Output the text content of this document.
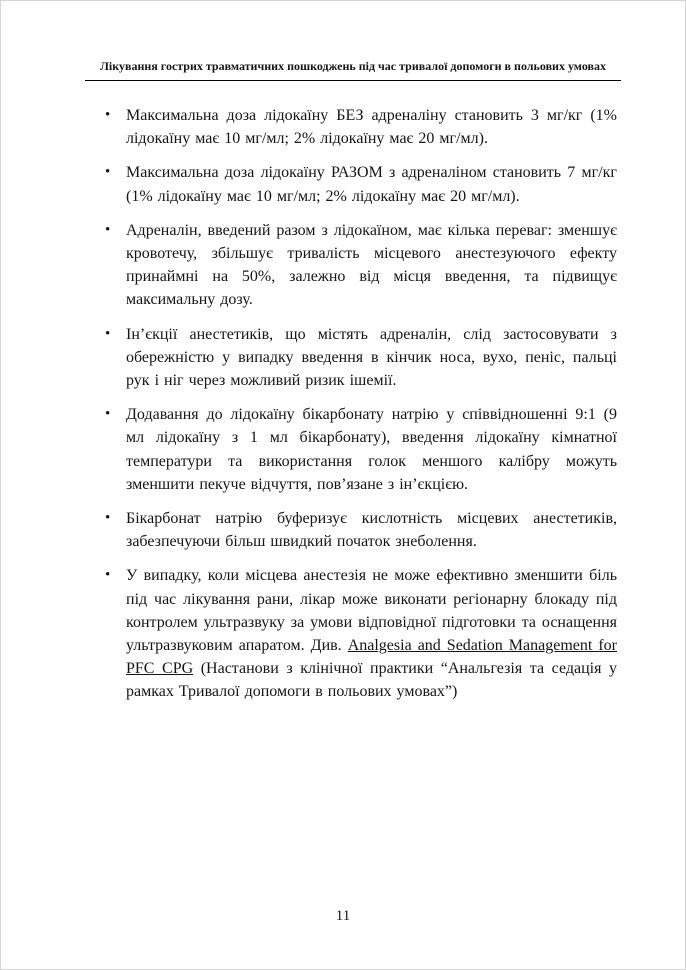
Лікування гострих травматичних пошкоджень під час тривалої допомоги в польових умовах
• Максимальна доза лідокаїну БЕЗ адреналіну становить 3 мг/кг (1% лідокаїну має 10 мг/мл; 2% лідокаїну має 20 мг/мл).
• Максимальна доза лідокаїну РАЗОМ з адреналіном становить 7 мг/кг (1% лідокаїну має 10 мг/мл; 2% лідокаїну має 20 мг/мл).
• Адреналін, введений разом з лідокаїном, має кілька переваг: зменшує кровотечу, збільшує тривалість місцевого анестезуючого ефекту принаймні на 50%, залежно від місця введення, та підвищує максимальну дозу.
• Ін’єкції анестетиків, що містять адреналін, слід застосовувати з обережністю у випадку введення в кінчик носа, вухо, пеніс, пальці рук і ніг через можливий ризик ішемії.
• Додавання до лідокаїну бікарбонату натрію у співвідношенні 9:1 (9 мл лідокаїну з 1 мл бікарбонату), введення лідокаїну кімнатної температури та використання голок меншого калібру можуть зменшити пекуче відчуття, пов’язане з ін’єкцією.
• Бікарбонат натрію буферизує кислотність місцевих анестетиків, забезпечуючи більш швидкий початок знеболення.
• У випадку, коли місцева анестезія не може ефективно зменшити біль під час лікування рани, лікар може виконати регіонарну блокаду під контролем ультразвуку за умови відповідної підготовки та оснащення ультразвуковим апаратом. Див. Analgesia and Sedation Management for PFC CPG (Настанови з клінічної практики “Анальгезія та седація у рамках Тривалої допомоги в польових умовах”)
11
